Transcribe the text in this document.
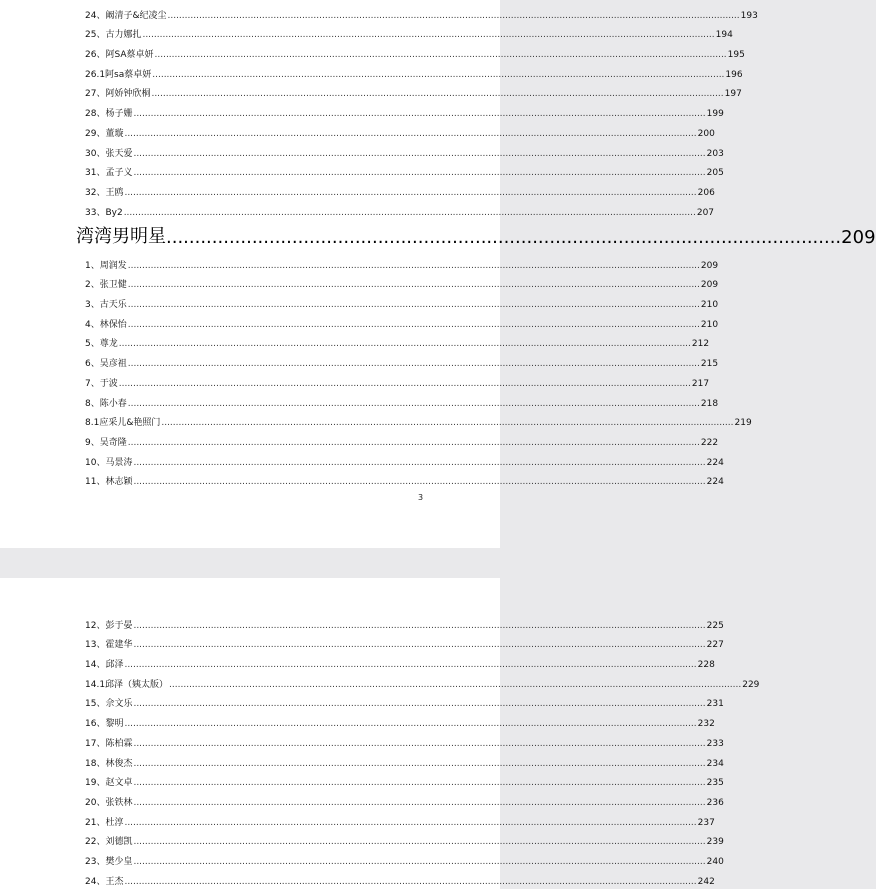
湾湾男明星 ...................................................................................................................... 209
3
24、阚清子&纪凌尘 ........................................................................................................................................................................................................ 193
25、古力娜扎 ........................................................................................................................................................................................................ 194
26、阿SA蔡卓妍 ........................................................................................................................................................................................................ 195
26.1阿sa蔡卓妍 ........................................................................................................................................................................................................ 196
27、阿娇钟欣桐 ........................................................................................................................................................................................................ 197
28、杨子姗 ........................................................................................................................................................................................................ 199
29、董璇 ........................................................................................................................................................................................................ 200
30、张天爱 ........................................................................................................................................................................................................ 203
31、孟子义 ........................................................................................................................................................................................................ 205
32、王鸥 ........................................................................................................................................................................................................ 206
33、By2 ........................................................................................................................................................................................................ 207
1、周润发 ........................................................................................................................................................................................................ 209
2、张卫健 ........................................................................................................................................................................................................ 209
3、古天乐 ........................................................................................................................................................................................................ 210
4、林保怡 ........................................................................................................................................................................................................ 210
5、尊龙 ........................................................................................................................................................................................................ 212
6、吴彦祖 ........................................................................................................................................................................................................ 215
7、于波 ........................................................................................................................................................................................................ 217
8、陈小春 ........................................................................................................................................................................................................ 218
8.1应采儿&艳照门 ........................................................................................................................................................................................................ 219
9、吴奇隆 ........................................................................................................................................................................................................ 222
10、马景涛 ........................................................................................................................................................................................................ 224
11、林志颖 ........................................................................................................................................................................................................ 224
12、彭于晏 ........................................................................................................................................................................................................ 225
13、霍建华 ........................................................................................................................................................................................................ 227
14、邱泽 ........................................................................................................................................................................................................ 228
14.1邱泽（姨太版） ........................................................................................................................................................................................................ 229
15、佘文乐 ........................................................................................................................................................................................................ 231
16、黎明 ........................................................................................................................................................................................................ 232
17、陈柏霖 ........................................................................................................................................................................................................ 233
18、林俊杰 ........................................................................................................................................................................................................ 234
19、赵文卓 ........................................................................................................................................................................................................ 235
20、张铁林 ........................................................................................................................................................................................................ 236
21、杜淳 ........................................................................................................................................................................................................ 237
22、刘德凯 ........................................................................................................................................................................................................ 239
23、樊少皇 ........................................................................................................................................................................................................ 240
24、王杰 ........................................................................................................................................................................................................ 242
